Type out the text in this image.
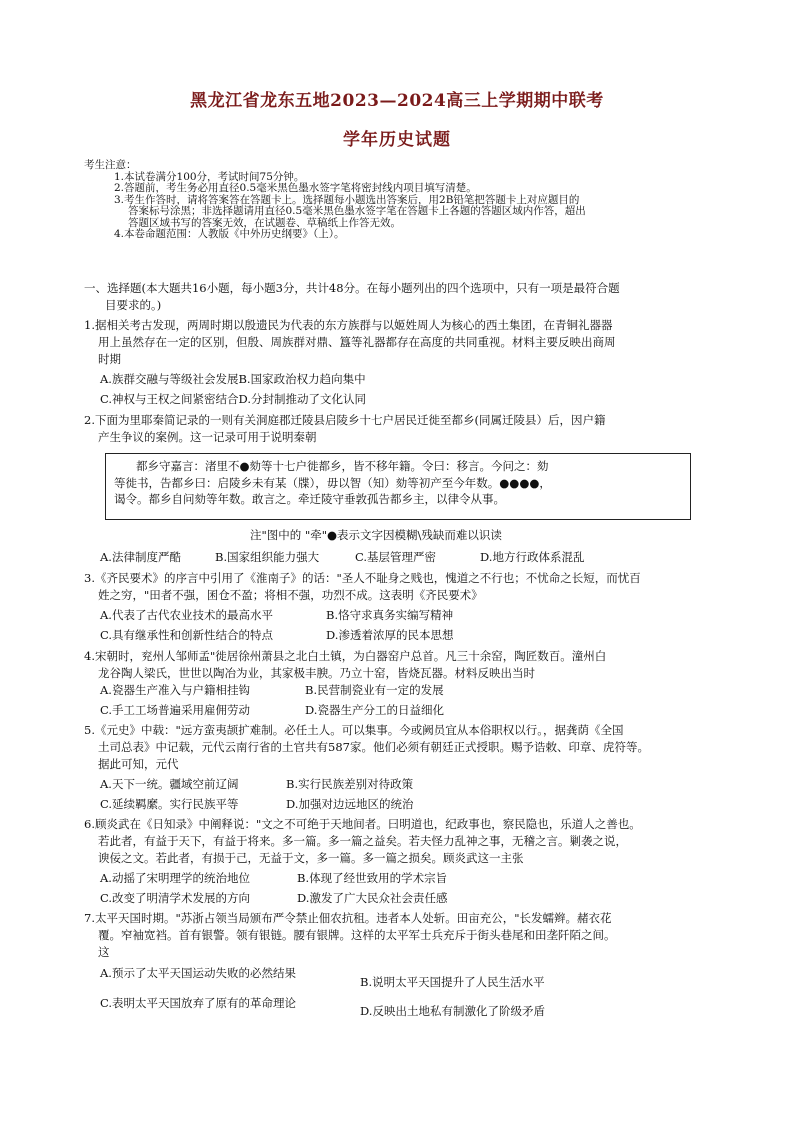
黑龙江省龙东五地2023—2024高三上学期期中联考
学年历史试题
考生注意：
1.本试卷满分100分，考试时间75分钟。
2.答题前，考生务必用直径0.5毫米黑色墨水签字笔将密封线内项目填写清楚。
3.考生作答时，请将答案答在答题卡上。选择题每小题选出答案后，用2B铅笔把答题卡上对应题目的
答案标号涂黑；非选择题请用直径0.5毫米黑色墨水签字笔在答题卡上各题的答题区域内作答，超出
答题区域书写的答案无效，在试题卷、草稿纸上作答无效。
4.本卷命题范围：人教版《中外历史纲要》（上）。
一、选择题(本大题共16小题，每小题3分，共计48分。在每小题列出的四个选项中，只有一项是最符合题
目要求的。)
1.据相关考古发现，两周时期以殷遗民为代表的东方族群与以姬姓周人为核心的西土集团，在青铜礼器器
用上虽然存在一定的区别，但殷、周族群对鼎、簋等礼器都存在高度的共同重视。材料主要反映出商周
时期
A.族群交融与等级社会发展 B.国家政治权力趋向集中
C.神权与王权之间紧密结合 D.分封制推动了文化认同
2.下面为里耶秦简记录的一则有关洞庭郡迁陵县启陵乡十七户居民迁徙至都乡(同属迁陵县）后，因户籍
产生争议的案例。这一记录可用于说明秦朝
都乡守嘉言：渚里不●劾等十七户徙都乡，皆不移年籍。令曰：移言。今问之：劾
等徙书，告都乡曰：启陵乡未有某（牒），毋以智（知）劾等初产至今年数。●●●●，
谒令。都乡自问劾等年数。敢言之。牵迁陵守垂敦孤告都乡主，以律令从事。
注"图中的 "牵"●表示文字因模糊\残缺而难以识读
A.法律制度严酷	B.国家组织能力强大	C.基层管理严密	D.地方行政体系混乱
3.《齐民要术》的序言中引用了《淮南子》的话："圣人不耻身之贱也，愧道之不行也；不忧命之长短，而忧百
姓之穷，"田者不强，囷仓不盈；将相不强，功烈不成。这表明《齐民要术》
A.代表了古代农业技术的最高水平	B.恪守求真务实编写精神
C.具有继承性和创新性结合的特点	D.渗透着浓厚的民本思想
4.宋朝时，兖州人邹师孟"徙居徐州萧县之北白土镇，为白器窑户总首。凡三十余窑，陶匠数百。潼州白
龙谷陶人梁氏，世世以陶冶为业，其家极丰腴。乃立十窑，皆烧瓦器。材料反映出当时
A.瓷器生产准入与户籍相挂钩	B.民营制瓷业有一定的发展
C.手工工场普遍采用雇佣劳动	D.瓷器生产分工的日益细化
5.《元史》中载："远方蛮夷颉扩难制。必任土人。可以集事。今或阙员宜从本俗职权以行。，据龚荫《全国
土司总表》中记载，元代云南行省的土官共有587家。他们必须有朝廷正式授职。赐予诰敕、印章、虎符等。
据此可知，元代
A.天下一统。疆域空前辽阔	B.实行民族差别对待政策
C.延续羁縻。实行民族平等	D.加强对边远地区的统治
6.顾炎武在《日知录》中阐释说："文之不可绝于天地间者。曰明道也，纪政事也，察民隐也，乐道人之善也。
若此者，有益于天下，有益于将来。多一篇。多一篇之益矣。若夫怪力乱神之事，无稽之言。剿袭之说，
谀佞之文。若此者，有损于己，无益于文，多一篇。多一篇之损矣。顾炎武这一主张
A.动摇了宋明理学的统治地位	B.体现了经世致用的学术宗旨
C.改变了明清学术发展的方向	D.激发了广大民众社会责任感
7.太平天国时期。"苏浙占领当局颁布严令禁止佃农抗租。违者本人处斩。田亩充公，"长发蠕辫。赭衣花
覆。窄袖宽裆。首有银警。领有银链。腰有银牌。这样的太平军士兵充斥于街头巷尾和田垄阡陌之间。
这
A.预示了太平天国运动失败的必然结果
B.说明太平天国提升了人民生活水平
C.表明太平天国放弃了原有的革命理论
D.反映出土地私有制激化了阶级矛盾
